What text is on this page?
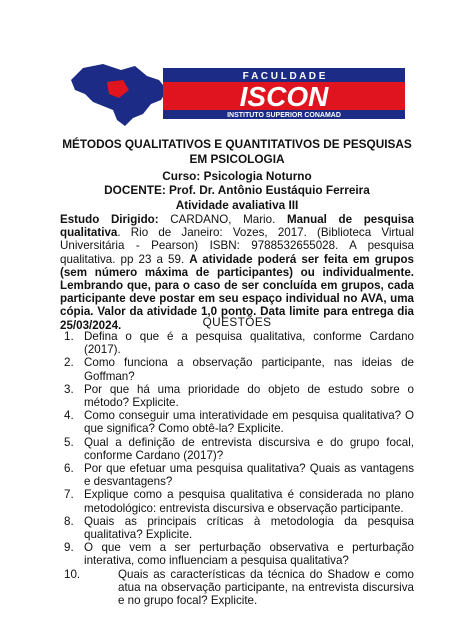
F A C U L D A D E
ISCON
INSTITUTO SUPERIOR CONAMAD
MÉTODOS QUALITATIVOS E QUANTITATIVOS DE PESQUISAS EM PSICOLOGIA
Curso: Psicologia Noturno
DOCENTE: Prof. Dr. Antônio Eustáquio Ferreira
Atividade avaliativa III
Estudo Dirigido: CARDANO, Mario. Manual de pesquisa qualitativa. Rio de Janeiro: Vozes, 2017. (Biblioteca Virtual Universitária - Pearson) ISBN: 9788532655028. A pesquisa qualitativa. pp 23 a 59. A atividade poderá ser feita em grupos (sem número máxima de participantes) ou individualmente. Lembrando que, para o caso de ser concluída em grupos, cada participante deve postar em seu espaço individual no AVA, uma cópia. Valor da atividade 1,0 ponto. Data limite para entrega dia 25/03/2024.	QUESTÕES
1. Defina o que é a pesquisa qualitativa, conforme Cardano (2017).
2. Como funciona a observação participante, nas ideias de Goffman?
3. Por que há uma prioridade do objeto de estudo sobre o método? Explicite.
4. Como conseguir uma interatividade em pesquisa qualitativa? O que significa? Como obtê-la? Explicite.
5. Qual a definição de entrevista discursiva e do grupo focal, conforme Cardano (2017)?
6. Por que efetuar uma pesquisa qualitativa? Quais as vantagens e desvantagens?
7. Explique como a pesquisa qualitativa é considerada no plano metodológico: entrevista discursiva e observação participante.
8. Quais as principais críticas à metodologia da pesquisa qualitativa? Explicite.
9. O que vem a ser perturbação observativa e perturbação interativa, como influenciam a pesquisa qualitativa?
10.	Quais as características da técnica do Shadow e como atua na observação participante, na entrevista discursiva e no grupo focal? Explicite.
